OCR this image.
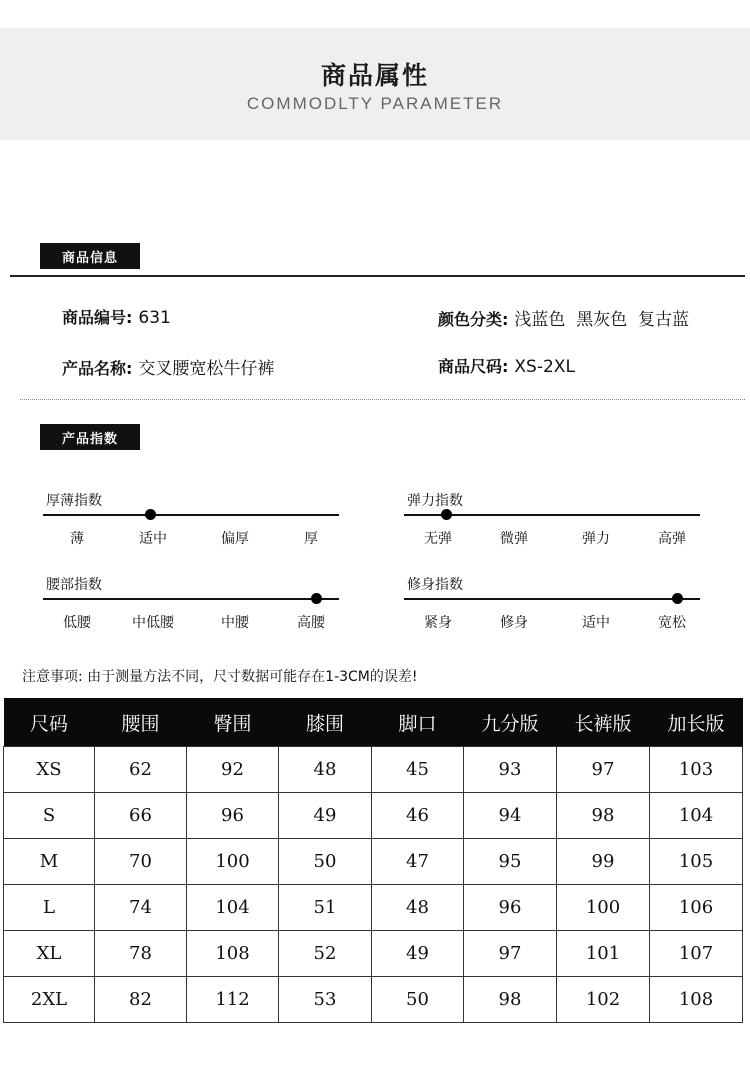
商品属性
COMMODLTY PARAMETER
商品信息
商品编号: 631	颜色分类: 浅蓝色  黑灰色  复古蓝
产品名称: 交叉腰宽松牛仔裤	商品尺码: XS-2XL
产品指数
厚薄指数
薄	适中	偏厚	厚
弹力指数
无弹	微弹	弹力	高弹
腰部指数
低腰	中低腰	中腰	高腰
修身指数
紧身	修身	适中	宽松
注意事项: 由于测量方法不同，尺寸数据可能存在1-3CM的误差!
尺码	腰围	臀围	膝围	脚口	九分版	长裤版	加长版
XS	62	92	48	45	93	97	103
S	66	96	49	46	94	98	104
M	70	100	50	47	95	99	105
L	74	104	51	48	96	100	106
XL	78	108	52	49	97	101	107
2XL	82	112	53	50	98	102	108
